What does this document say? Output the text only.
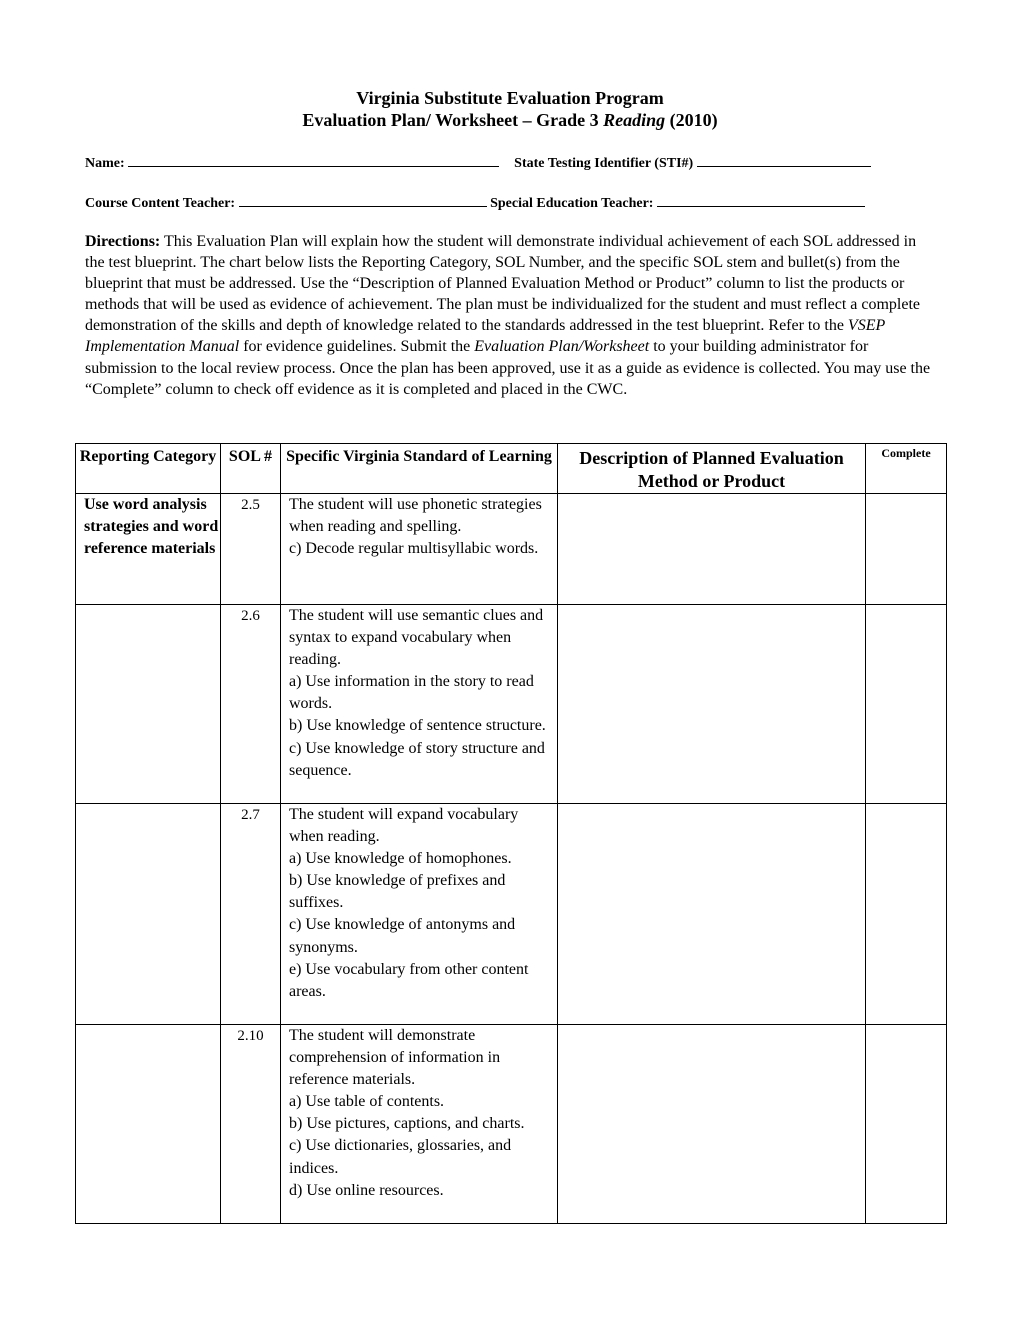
Virginia Substitute Evaluation Program
Evaluation Plan/ Worksheet – Grade 3 Reading (2010)
Name:	State Testing Identifier (STI#)
Course Content Teacher:	Special Education Teacher:
Directions: This Evaluation Plan will explain how the student will demonstrate individual achievement of each SOL addressed in the test blueprint. The chart below lists the Reporting Category, SOL Number, and the specific SOL stem and bullet(s) from the blueprint that must be addressed. Use the “Description of Planned Evaluation Method or Product” column to list the products or methods that will be used as evidence of achievement. The plan must be individualized for the student and must reflect a complete demonstration of the skills and depth of knowledge related to the standards addressed in the test blueprint. Refer to the VSEP Implementation Manual for evidence guidelines. Submit the Evaluation Plan/Worksheet to your building administrator for submission to the local review process. Once the plan has been approved, use it as a guide as evidence is collected. You may use the “Complete” column to check off evidence as it is completed and placed in the CWC.
Reporting Category	SOL #	Specific Virginia Standard of Learning	Description of Planned Evaluation Method or Product	Complete
Use word analysis strategies and word reference materials	2.5	The student will use phonetic strategies when reading and spelling.
c) Decode regular multisyllabic words.		

	2.6	The student will use semantic clues and syntax to expand vocabulary when reading.
a) Use information in the story to read words.
b) Use knowledge of sentence structure.
c) Use knowledge of story structure and sequence.		

	2.7	The student will expand vocabulary when reading.
a) Use knowledge of homophones.
b) Use knowledge of prefixes and suffixes.
c) Use knowledge of antonyms and synonyms.
e) Use vocabulary from other content areas.		

	2.10	The student will demonstrate comprehension of information in reference materials.
a) Use table of contents.
b) Use pictures, captions, and charts.
c) Use dictionaries, glossaries, and indices.
d) Use online resources.		
